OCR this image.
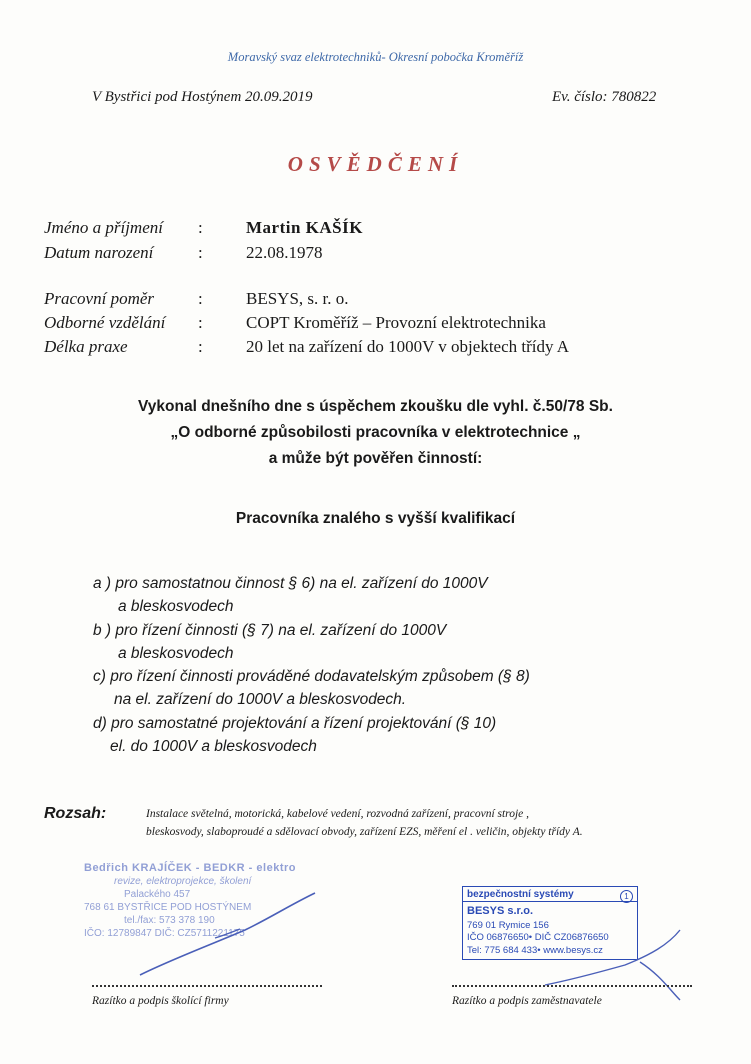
Moravský svaz elektrotechniků- Okresní pobočka Kroměříž
V Bystřici pod Hostýnem 20.09.2019	Ev. číslo: 780822
OSVĚDČENÍ
Jméno a příjmení :	Martin KAŠÍK
Datum narození	:	22.08.1978
Pracovní poměr	:	BESYS, s. r. o.
Odborné vzdělání :	COPT Kroměříž – Provozní elektrotechnika
Délka praxe	:	20 let na zařízení do 1000V v objektech třídy A
Vykonal dnešního dne s úspěchem zkoušku dle vyhl. č.50/78 Sb.
„O odborné způsobilosti pracovníka v elektrotechnice „
a může být pověřen činností:
Pracovníka znalého s vyšší kvalifikací
a ) pro samostatnou činnost § 6) na el. zařízení do 1000V
a bleskosvodech
b ) pro řízení činnosti (§ 7) na el. zařízení do 1000V
a bleskosvodech
c) pro řízení činnosti prováděné dodavatelským způsobem (§ 8)
na el. zařízení do 1000V a bleskosvodech.
d) pro samostatné projektování a řízení projektování (§ 10)
el. do 1000V a bleskosvodech
Rozsah:	Instalace světelná, motorická, kabelové vedení, rozvodná zařízení, pracovní stroje ,
bleskosvody, slaboproudé a sdělovací obvody, zařízení EZS, měření el . veličin, objekty třídy A.
Bedřich KRAJÍČEK - BEDKR - elektro
revize, elektroprojekce, školení
Palackého 457
768 61 BYSTŘICE POD HOSTÝNEM
tel./fax: 573 378 190
IČO: 12789847 DIČ: CZ5711221175
bezpečnostní systémy	1
BESYS s.r.o.
769 01 Rymice 156
IČO 06876650• DIČ CZ06876650
Tel: 775 684 433• www.besys.cz
Razítko a podpis školící firmy	Razítko a podpis zaměstnavatele
